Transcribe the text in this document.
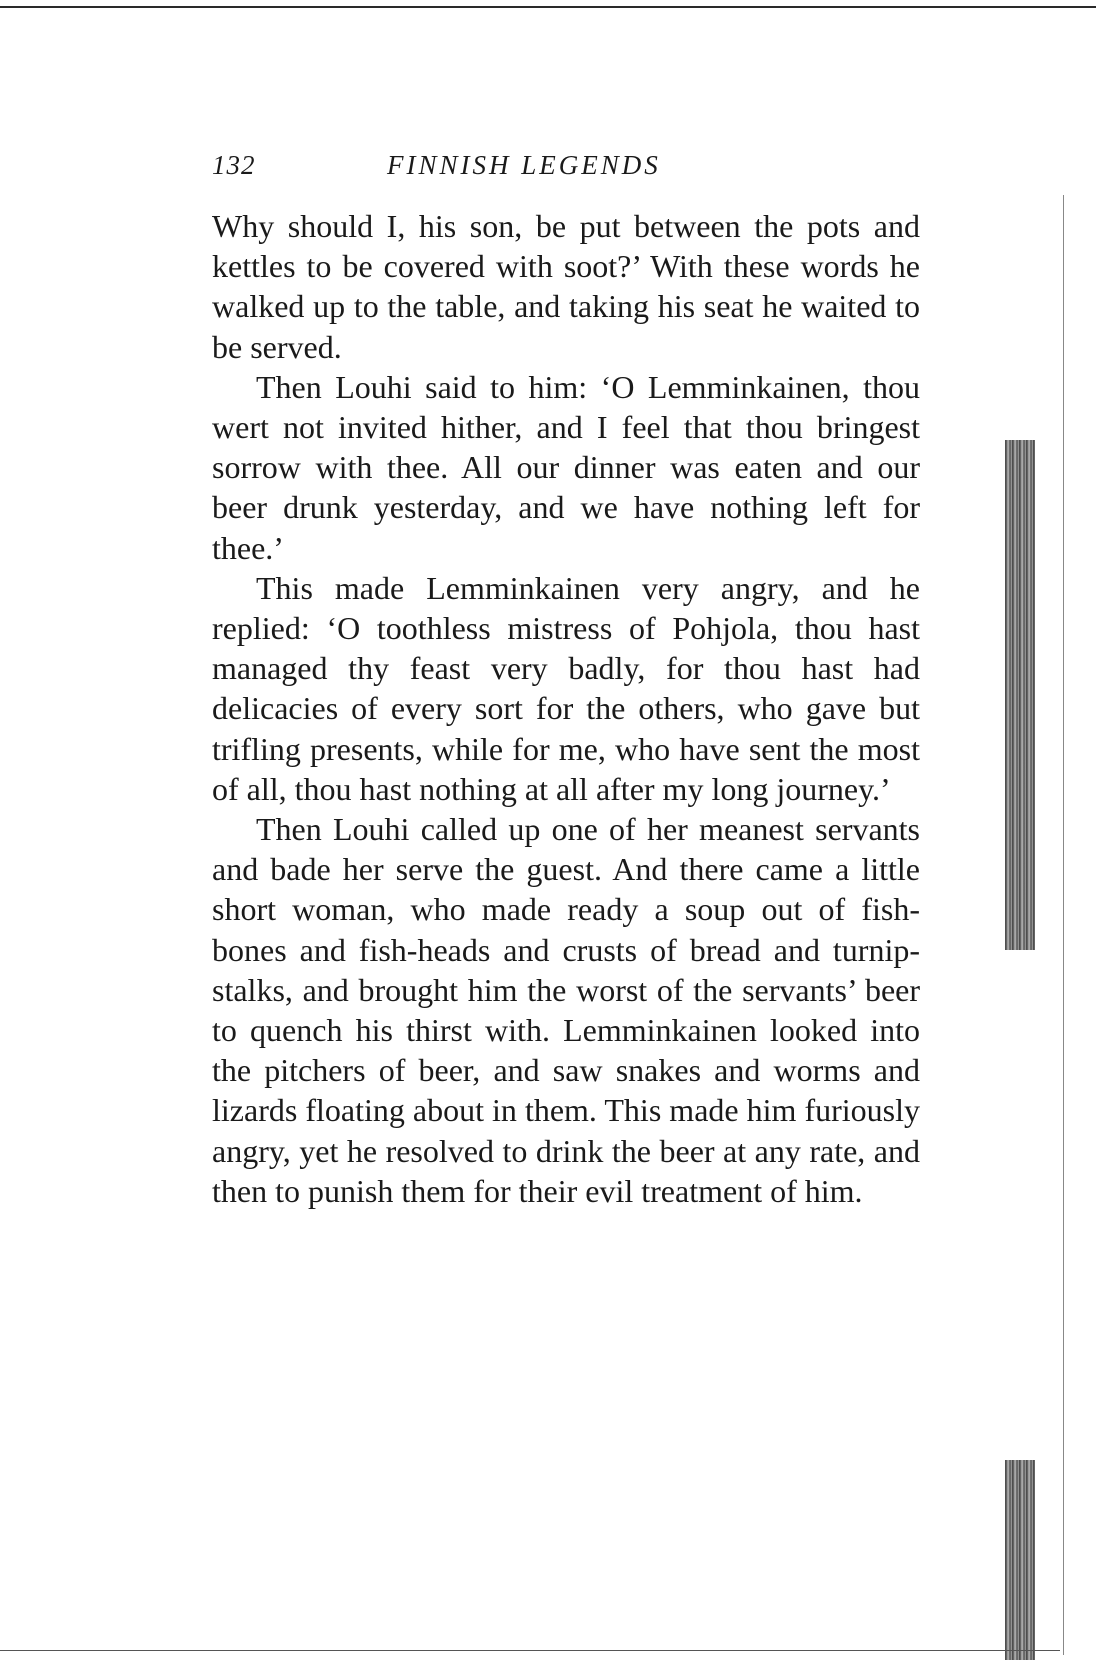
132	FINNISH LEGENDS

Why should I, his son, be put between the pots and kettles to be covered with soot?’ With these words he walked up to the table, and taking his seat he waited to be served.

Then Louhi said to him: ‘O Lemminkainen, thou wert not invited hither, and I feel that thou bringest sorrow with thee. All our dinner was eaten and our beer drunk yesterday, and we have nothing left for thee.’

This made Lemminkainen very angry, and he replied: ‘O toothless mistress of Pohjola, thou hast managed thy feast very badly, for thou hast had delicacies of every sort for the others, who gave but trifling presents, while for me, who have sent the most of all, thou hast nothing at all after my long journey.’

Then Louhi called up one of her meanest servants and bade her serve the guest. And there came a little short woman, who made ready a soup out of fish-bones and fish-heads and crusts of bread and turnip-stalks, and brought him the worst of the servants’ beer to quench his thirst with. Lemminkainen looked into the pitchers of beer, and saw snakes and worms and lizards floating about in them. This made him furiously angry, yet he resolved to drink the beer at any rate, and then to punish them for their evil treatment of him.
